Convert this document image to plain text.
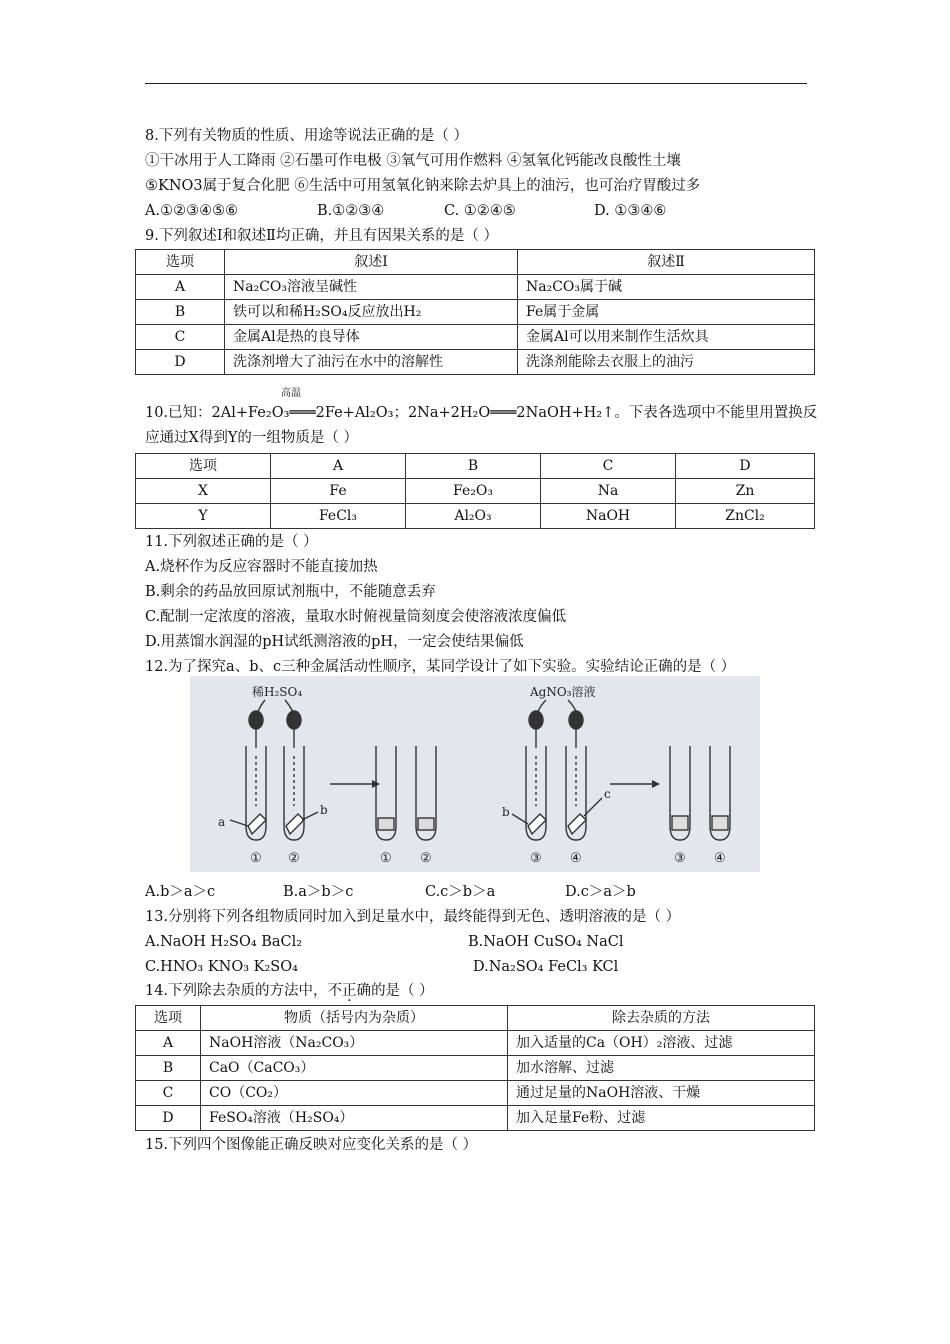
8.下列有关物质的性质、用途等说法正确的是（ ）
①干冰用于人工降雨 ②石墨可作电极 ③氧气可用作燃料 ④氢氧化钙能改良酸性土壤
⑤KNO3属于复合化肥 ⑥生活中可用氢氧化钠来除去炉具上的油污，也可治疗胃酸过多
A.①②③④⑤⑥	B.①②③④	C. ①②④⑤	D. ①③④⑥
9.下列叙述Ⅰ和叙述Ⅱ均正确，并且有因果关系的是（ ）
选项	叙述Ⅰ	叙述Ⅱ
A	Na₂CO₃溶液呈碱性	Na₂CO₃属于碱
B	铁可以和稀H₂SO₄反应放出H₂	Fe属于金属
C	金属Al是热的良导体	金属Al可以用来制作生活炊具
D	洗涤剂增大了油污在水中的溶解性	洗涤剂能除去衣服上的油污
高温
10.已知：2Al+Fe₂O₃═══2Fe+Al₂O₃；2Na+2H₂O═══2NaOH+H₂↑。下表各选项中不能里用置换反
应通过X得到Y的一组物质是（ ）
选项	A	B	C	D
X	Fe	Fe₂O₃	Na	Zn
Y	FeCl₃	Al₂O₃	NaOH	ZnCl₂
11.下列叙述正确的是（ ）
A.烧杯作为反应容器时不能直接加热
B.剩余的药品放回原试剂瓶中，不能随意丢弃
C.配制一定浓度的溶液，量取水时俯视量筒刻度会使溶液浓度偏低
D.用蒸馏水润湿的pH试纸测溶液的pH，一定会使结果偏低
12.为了探究a、b、c三种金属活动性顺序，某同学设计了如下实验。实验结论正确的是（ ）
稀H₂SO₄	AgNO₃溶液
a
b
① ②	① ②
b
c
③ ④	③ ④
A.b＞a＞c	B.a＞b＞c	C.c＞b＞a	D.c＞a＞b
13.分别将下列各组物质同时加入到足量水中，最终能得到无色、透明溶液的是（ ）
A.NaOH H₂SO₄ BaCl₂	B.NaOH CuSO₄ NaCl
C.HNO₃ KNO₃ K₂SO₄	D.Na₂SO₄ FeCl₃ KCl
14.下列除去杂质的方法中，不正确的是（ ）
选项	物质（括号内为杂质）	除去杂质的方法
A	NaOH溶液（Na₂CO₃）	加入适量的Ca（OH）₂溶液、过滤
B	CaO（CaCO₃）	加水溶解、过滤
C	CO（CO₂）	通过足量的NaOH溶液、干燥
D	FeSO₄溶液（H₂SO₄）	加入足量Fe粉、过滤
15.下列四个图像能正确反映对应变化关系的是（ ）
